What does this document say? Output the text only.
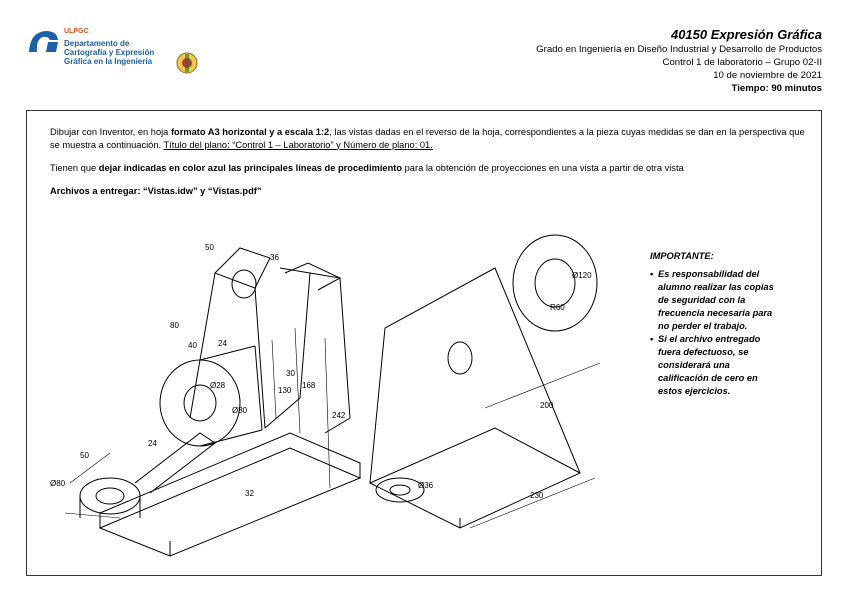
ULPGC
Departamento de
Cartografía y Expresión
Gráfica en la Ingeniería
40150 Expresión Gráfica
Grado en Ingeniería en Diseño Industrial y Desarrollo de Productos
Control 1 de laboratorio – Grupo 02-II
10 de noviembre de 2021
Tiempo: 90 minutos
Dibujar con Inventor, en hoja formato A3 horizontal y a escala 1:2, las vistas dadas en el reverso de la hoja, correspondientes a la pieza cuyas medidas se dan en la perspectiva que se muestra a continuación. Título del plano: “Control 1 – Laboratorio” y Número de plano: 01.
Tienen que dejar indicadas en color azul las principales líneas de procedimiento para la obtención de proyecciones en una vista a partir de otra vista
Archivos a entregar: “Vistas.idw” y “Vistas.pdf”
50
36
80
40	24
Ø28
Ø80
130
168
30
242
24
50
Ø80
32
Ø120
R60
200
Ø36
230
IMPORTANTE:
• Es responsabilidad del alumno realizar las copias de seguridad con la frecuencia necesaria para no perder el trabajo.
• Si el archivo entregado fuera defectuoso, se considerará una calificación de cero en estos ejercicios.
